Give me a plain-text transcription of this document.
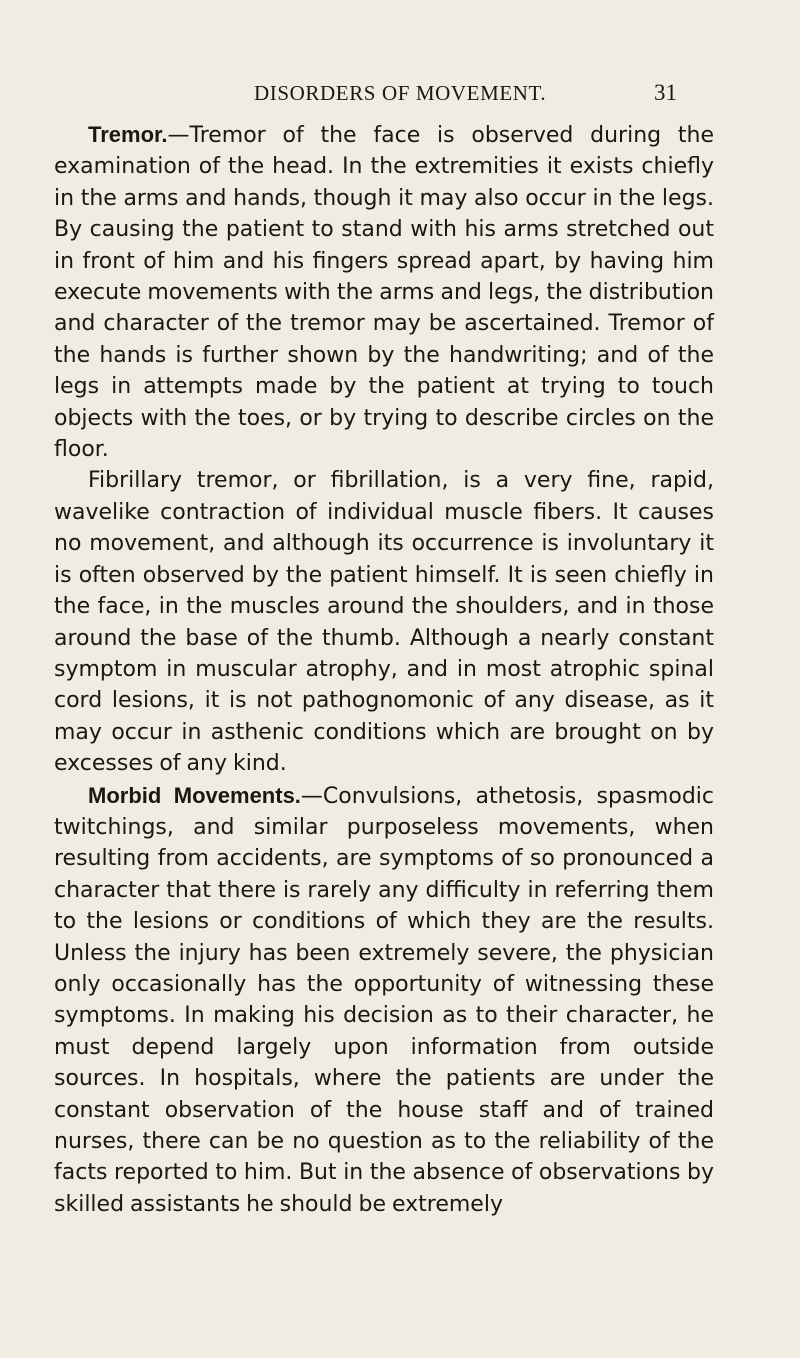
DISORDERS OF MOVEMENT.	31

Tremor.—Tremor of the face is observed during the examination of the head. In the extremities it exists chiefly in the arms and hands, though it may also occur in the legs. By causing the patient to stand with his arms stretched out in front of him and his fingers spread apart, by having him execute movements with the arms and legs, the distribution and character of the tremor may be ascertained. Tremor of the hands is further shown by the handwriting; and of the legs in attempts made by the patient at trying to touch objects with the toes, or by trying to describe circles on the floor.

Fibrillary tremor, or fibrillation, is a very fine, rapid, wavelike contraction of individual muscle fibers. It causes no movement, and although its occurrence is involuntary it is often observed by the patient himself. It is seen chiefly in the face, in the muscles around the shoulders, and in those around the base of the thumb. Although a nearly constant symptom in muscular atrophy, and in most atrophic spinal cord lesions, it is not pathognomonic of any disease, as it may occur in asthenic conditions which are brought on by excesses of any kind.

Morbid Movements.—Convulsions, athetosis, spasmodic twitchings, and similar purposeless movements, when resulting from accidents, are symptoms of so pronounced a character that there is rarely any difficulty in referring them to the lesions or conditions of which they are the results. Unless the injury has been extremely severe, the physician only occasionally has the opportunity of witnessing these symptoms. In making his decision as to their character, he must depend largely upon information from outside sources. In hospitals, where the patients are under the constant observation of the house staff and of trained nurses, there can be no question as to the reliability of the facts reported to him. But in the absence of observations by skilled assistants he should be extremely
